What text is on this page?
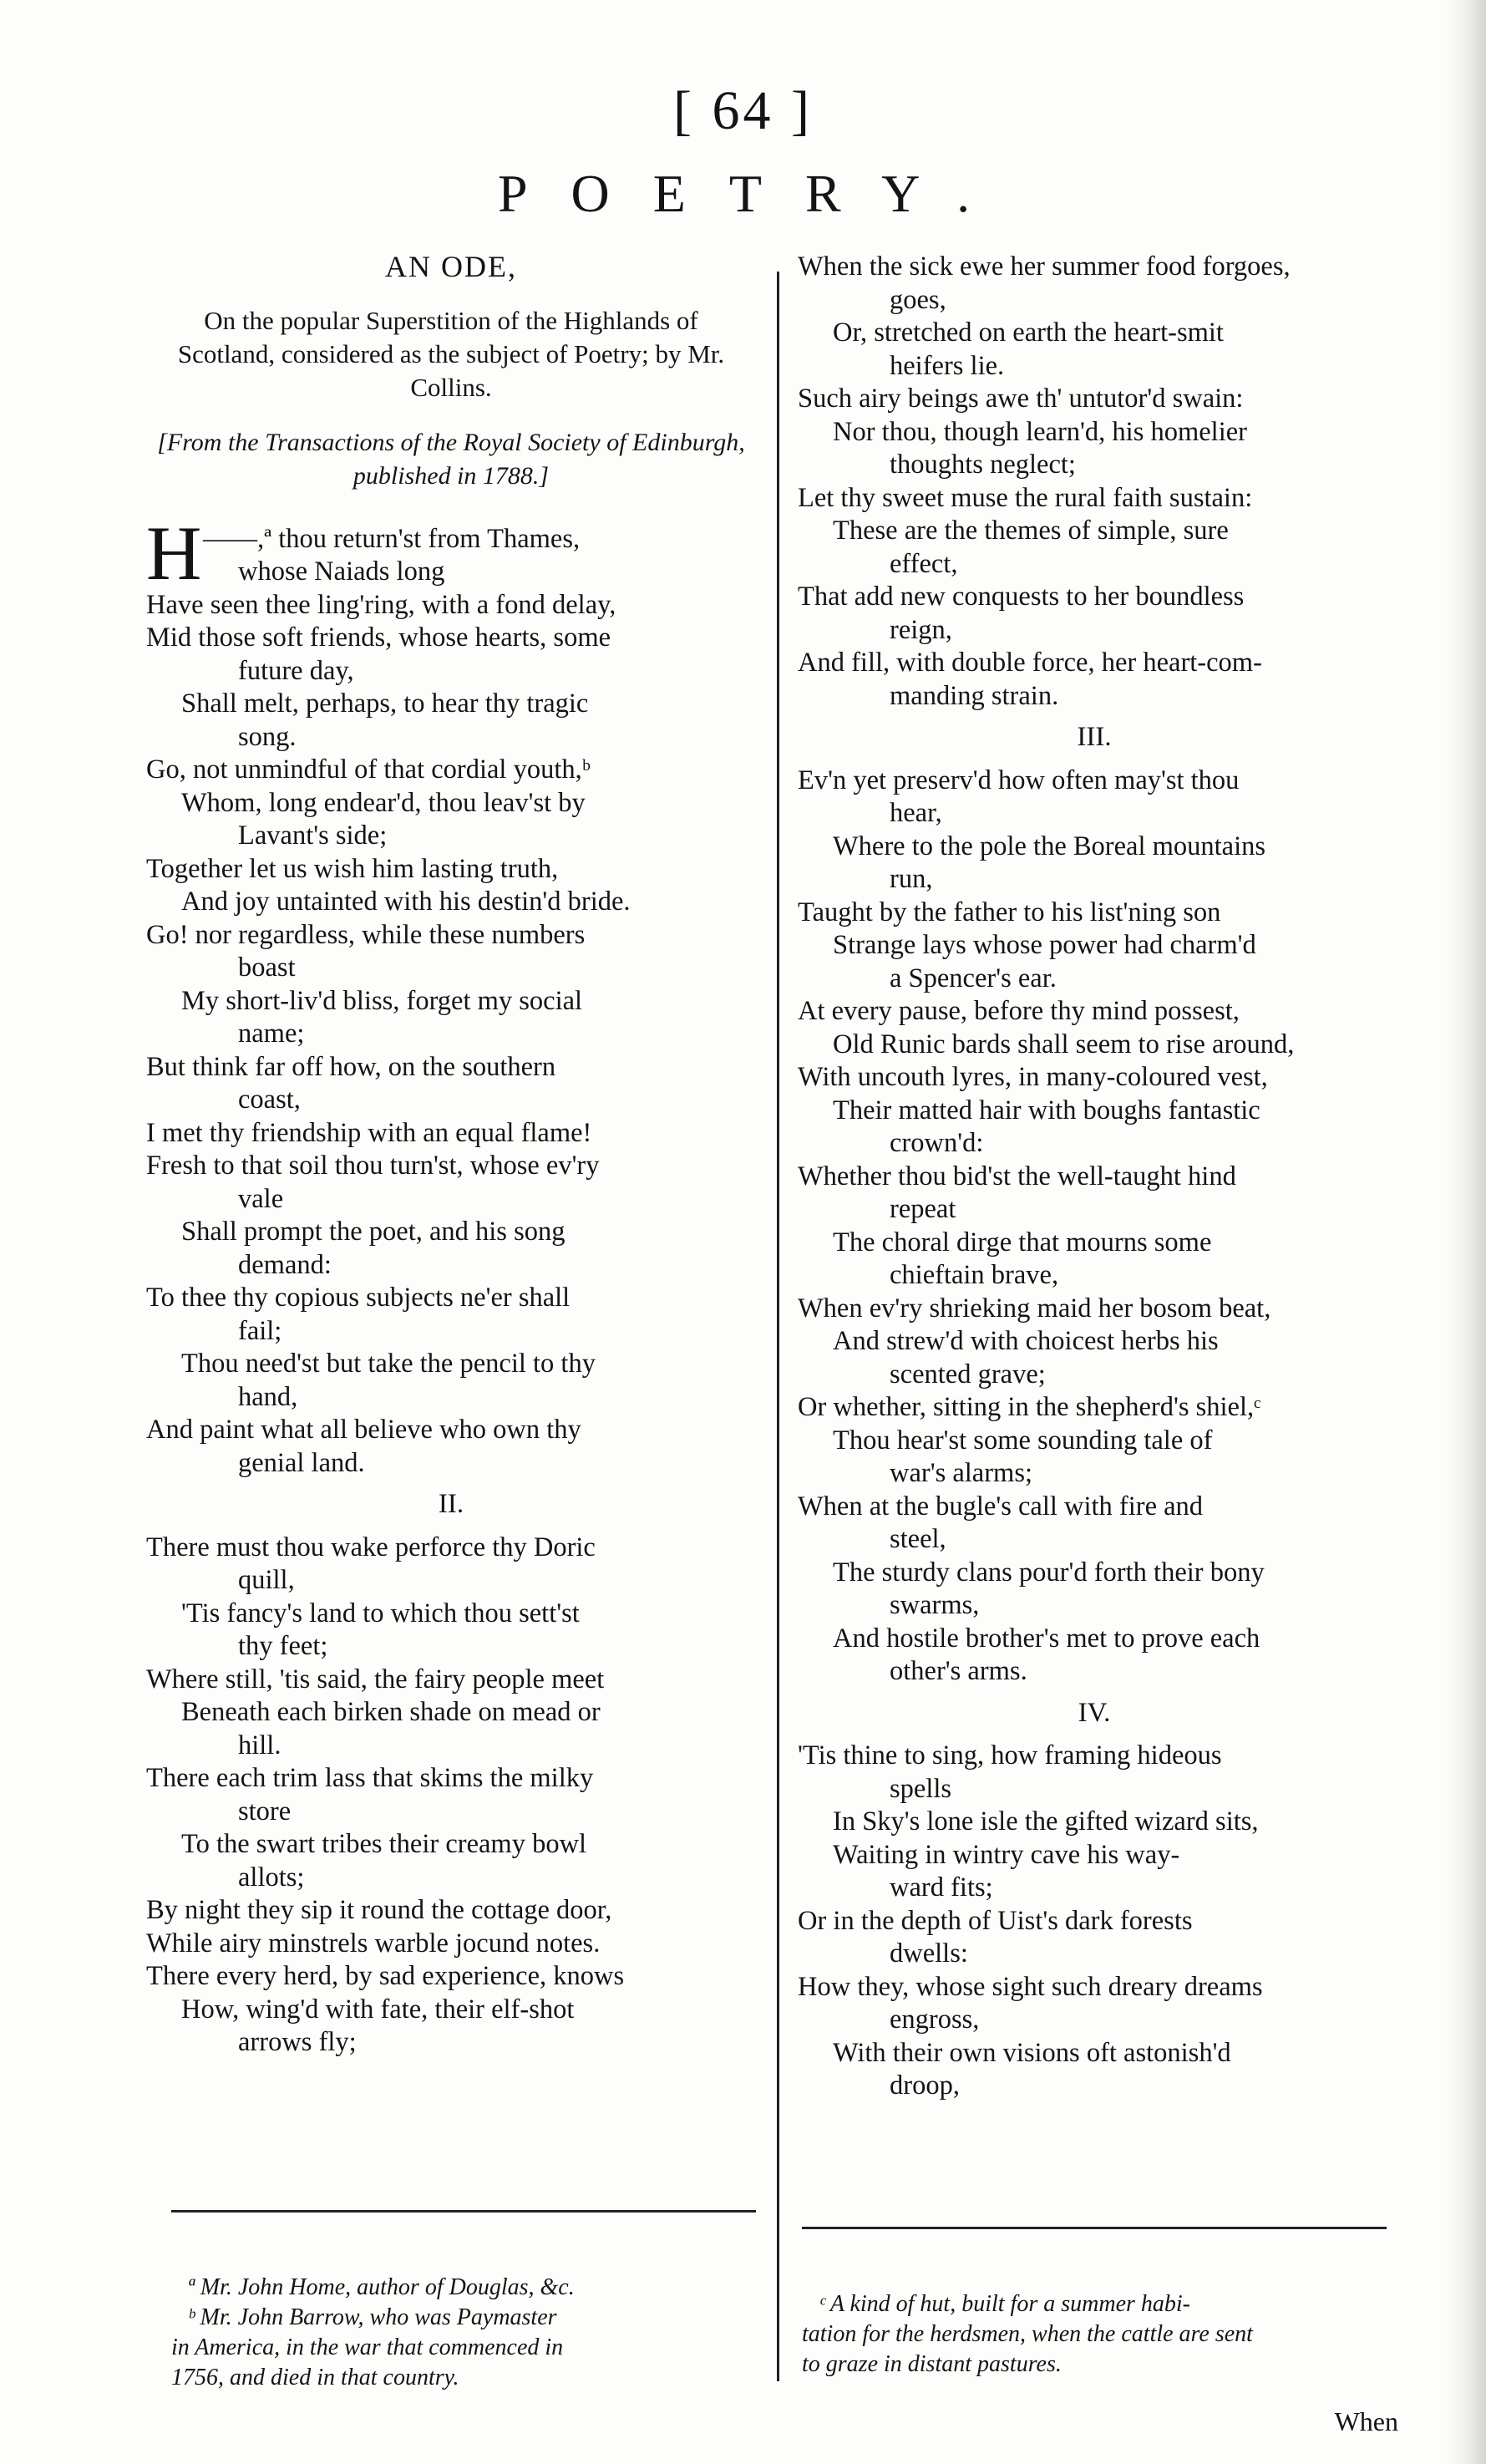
[ 64 ]
POETRY.
AN ODE,
On the popular Superstition of the Highlands of Scotland, considered as the subject of Poetry; by Mr. Collins.
[From the Transactions of the Royal Society of Edinburgh, published in 1788.]
H ——,ª thou return'st from Thames,
whose Naiads long
Have seen thee ling'ring, with a fond delay,
Mid those soft friends, whose hearts, some
future day,
Shall melt, perhaps, to hear thy tragic
song.
Go, not unmindful of that cordial youth,ᵇ
Whom, long endear'd, thou leav'st by
Lavant's side;
Together let us wish him lasting truth,
And joy untainted with his destin'd bride.
Go! nor regardless, while these numbers
boast
My short-liv'd bliss, forget my social
name;
But think far off how, on the southern
coast,
I met thy friendship with an equal flame!
Fresh to that soil thou turn'st, whose ev'ry
vale
Shall prompt the poet, and his song
demand:
To thee thy copious subjects ne'er shall
fail;
Thou need'st but take the pencil to thy
hand,
And paint what all believe who own thy
genial land.
II.
There must thou wake perforce thy Doric
quill,
'Tis fancy's land to which thou sett'st
thy feet;
Where still, 'tis said, the fairy people meet
Beneath each birken shade on mead or
hill.
There each trim lass that skims the milky
store
To the swart tribes their creamy bowl
allots;
By night they sip it round the cottage door,
While airy minstrels warble jocund notes.
There every herd, by sad experience, knows
How, wing'd with fate, their elf-shot
arrows fly;
When the sick ewe her summer food forgoes,
goes,
Or, stretched on earth the heart-smit
heifers lie.
Such airy beings awe th' untutor'd swain:
Nor thou, though learn'd, his homelier
thoughts neglect;
Let thy sweet muse the rural faith sustain:
These are the themes of simple, sure
effect,
That add new conquests to her boundless
reign,
And fill, with double force, her heart-com-
manding strain.
III.
Ev'n yet preserv'd how often may'st thou
hear,
Where to the pole the Boreal mountains
run,
Taught by the father to his list'ning son
Strange lays whose power had charm'd
a Spencer's ear.
At every pause, before thy mind possest,
Old Runic bards shall seem to rise around,
With uncouth lyres, in many-coloured vest,
Their matted hair with boughs fantastic
crown'd:
Whether thou bid'st the well-taught hind
repeat
The choral dirge that mourns some
chieftain brave,
When ev'ry shrieking maid her bosom beat,
And strew'd with choicest herbs his
scented grave;
Or whether, sitting in the shepherd's shiel,ᶜ
Thou hear'st some sounding tale of
war's alarms;
When at the bugle's call with fire and
steel,
The sturdy clans pour'd forth their bony
swarms,
And hostile brother's met to prove each
other's arms.
IV.
'Tis thine to sing, how framing hideous
spells
In Sky's lone isle the gifted wizard sits,
Waiting in wintry cave his way-
ward fits;
Or in the depth of Uist's dark forests
dwells:
How they, whose sight such dreary dreams
engross,
With their own visions oft astonish'd
droop,
ª Mr. John Home, author of Douglas, &c.
ᵇ Mr. John Barrow, who was Paymaster
in America, in the war that commenced in
1756, and died in that country.
ᶜ A kind of hut, built for a summer habi-
tation for the herdsmen, when the cattle are sent
to graze in distant pastures.
When
